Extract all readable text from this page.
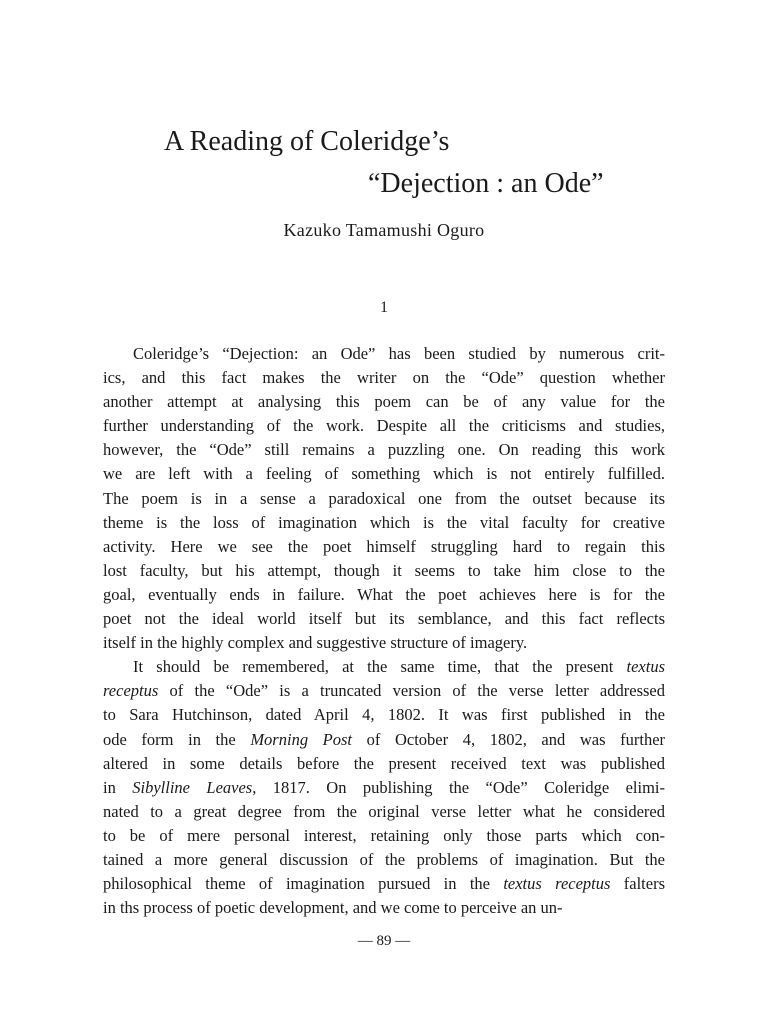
A Reading of Coleridge’s
“Dejection : an Ode”
Kazuko Tamamushi Oguro
1
Coleridge’s “Dejection: an Ode” has been studied by numerous crit-
ics, and this fact makes the writer on the “Ode” question whether
another attempt at analysing this poem can be of any value for the
further understanding of the work. Despite all the criticisms and studies,
however, the “Ode” still remains a puzzling one. On reading this work
we are left with a feeling of something which is not entirely fulfilled.
The poem is in a sense a paradoxical one from the outset because its
theme is the loss of imagination which is the vital faculty for creative
activity. Here we see the poet himself struggling hard to regain this
lost faculty, but his attempt, though it seems to take him close to the
goal, eventually ends in failure. What the poet achieves here is for the
poet not the ideal world itself but its semblance, and this fact reflects
itself in the highly complex and suggestive structure of imagery.
It should be remembered, at the same time, that the present textus
receptus of the “Ode” is a truncated version of the verse letter addressed
to Sara Hutchinson, dated April 4, 1802. It was first published in the
ode form in the Morning Post of October 4, 1802, and was further
altered in some details before the present received text was published
in Sibylline Leaves, 1817. On publishing the “Ode” Coleridge elimi-
nated to a great degree from the original verse letter what he considered
to be of mere personal interest, retaining only those parts which con-
tained a more general discussion of the problems of imagination. But the
philosophical theme of imagination pursued in the textus receptus falters
in ths process of poetic development, and we come to perceive an un-
— 89 —
